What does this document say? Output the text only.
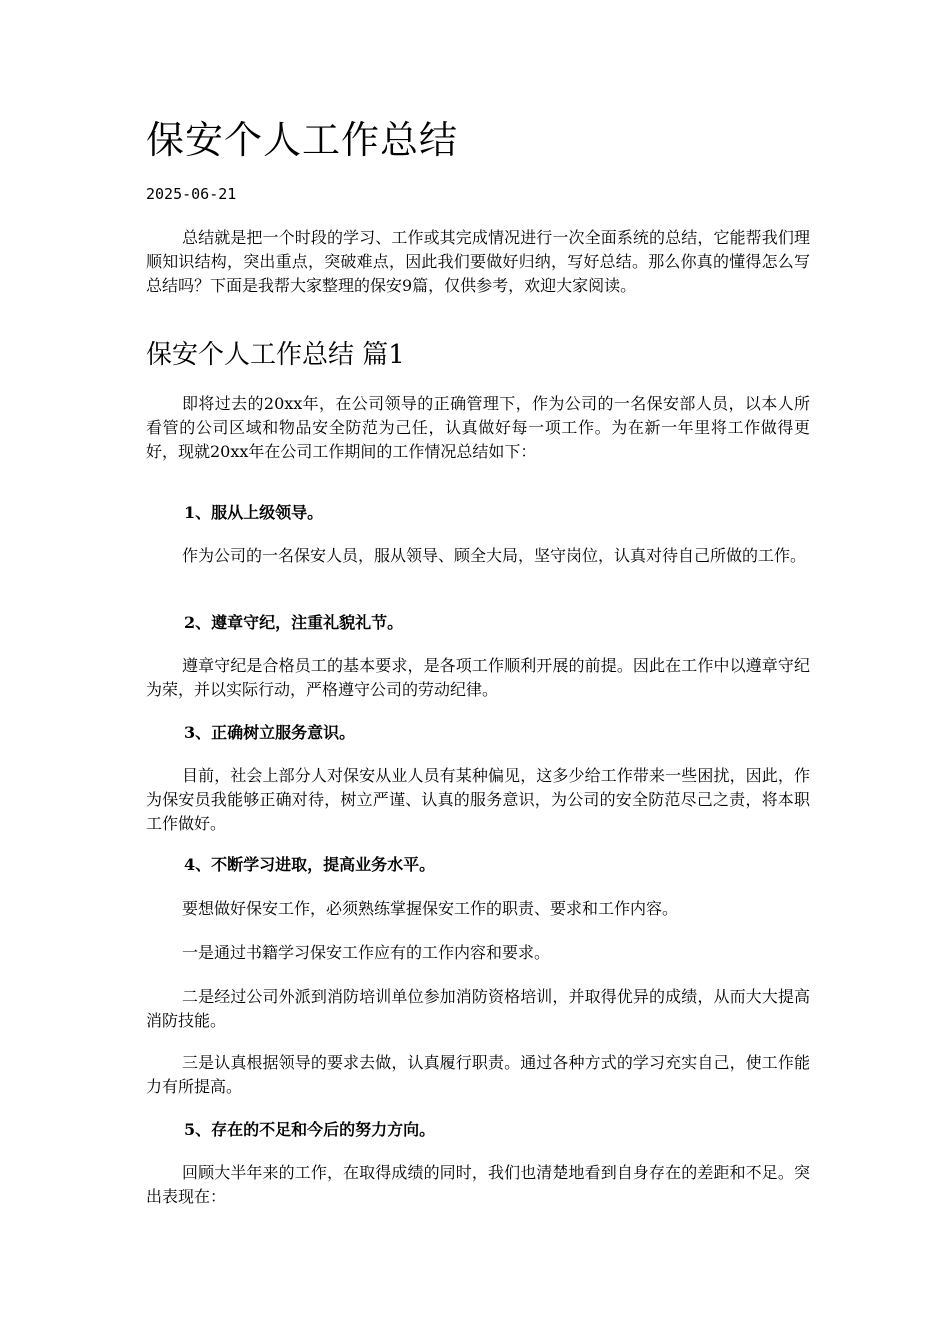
保安个人工作总结
2025-06-21

总结就是把一个时段的学习、工作或其完成情况进行一次全面系统的总结，它能帮我们理顺知识结构，突出重点，突破难点，因此我们要做好归纳，写好总结。那么你真的懂得怎么写总结吗？下面是我帮大家整理的保安9篇，仅供参考，欢迎大家阅读。

保安个人工作总结 篇1

即将过去的20xx年，在公司领导的正确管理下，作为公司的一名保安部人员，以本人所看管的公司区域和物品安全防范为己任，认真做好每一项工作。为在新一年里将工作做得更好，现就20xx年在公司工作期间的工作情况总结如下：

1、服从上级领导。

作为公司的一名保安人员，服从领导、顾全大局，坚守岗位，认真对待自己所做的工作。

2、遵章守纪，注重礼貌礼节。

遵章守纪是合格员工的基本要求，是各项工作顺利开展的前提。因此在工作中以遵章守纪为荣，并以实际行动，严格遵守公司的劳动纪律。

3、正确树立服务意识。

目前，社会上部分人对保安从业人员有某种偏见，这多少给工作带来一些困扰，因此，作为保安员我能够正确对待，树立严谨、认真的服务意识，为公司的安全防范尽己之责，将本职工作做好。

4、不断学习进取，提高业务水平。

要想做好保安工作，必须熟练掌握保安工作的职责、要求和工作内容。

一是通过书籍学习保安工作应有的工作内容和要求。

二是经过公司外派到消防培训单位参加消防资格培训，并取得优异的成绩，从而大大提高消防技能。

三是认真根据领导的要求去做，认真履行职责。通过各种方式的学习充实自己，使工作能力有所提高。

5、存在的不足和今后的努力方向。

回顾大半年来的工作，在取得成绩的同时，我们也清楚地看到自身存在的差距和不足。突出表现在：
